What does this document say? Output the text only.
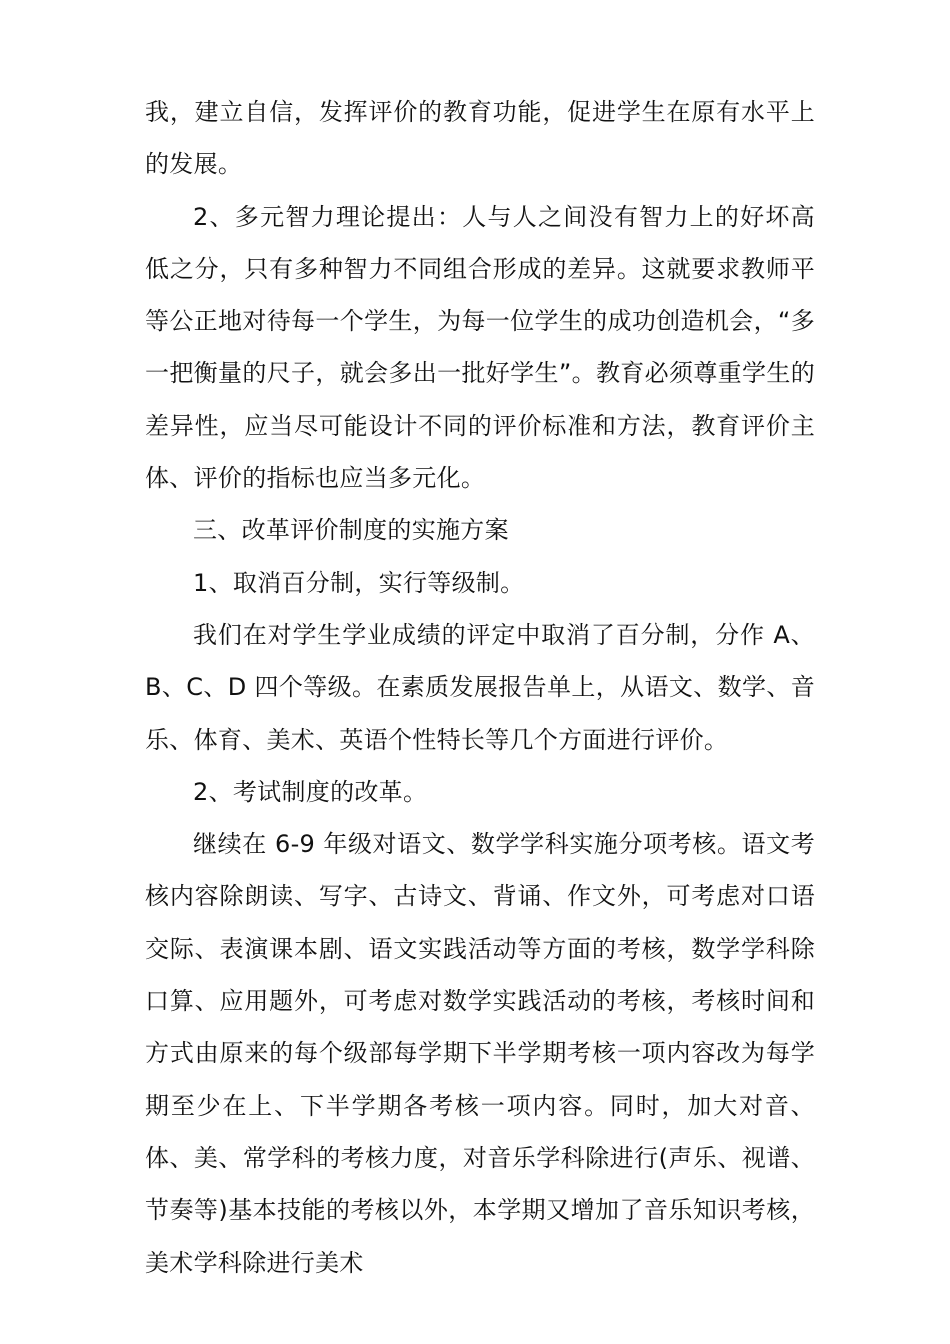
我，建立自信，发挥评价的教育功能，促进学生在原有水平上的发展。

2、多元智力理论提出：人与人之间没有智力上的好坏高低之分，只有多种智力不同组合形成的差异。这就要求教师平等公正地对待每一个学生，为每一位学生的成功创造机会，“多一把衡量的尺子，就会多出一批好学生”。教育必须尊重学生的差异性，应当尽可能设计不同的评价标准和方法，教育评价主体、评价的指标也应当多元化。

三、改革评价制度的实施方案

1、取消百分制，实行等级制。

我们在对学生学业成绩的评定中取消了百分制，分作 A、B、C、D 四个等级。在素质发展报告单上，从语文、数学、音乐、体育、美术、英语个性特长等几个方面进行评价。

2、考试制度的改革。

继续在 6-9 年级对语文、数学学科实施分项考核。语文考核内容除朗读、写字、古诗文、背诵、作文外，可考虑对口语交际、表演课本剧、语文实践活动等方面的考核，数学学科除口算、应用题外，可考虑对数学实践活动的考核，考核时间和方式由原来的每个级部每学期下半学期考核一项内容改为每学期至少在上、下半学期各考核一项内容。同时，加大对音、体、美、常学科的考核力度，对音乐学科除进行(声乐、视谱、节奏等)基本技能的考核以外，本学期又增加了音乐知识考核，美术学科除进行美术
